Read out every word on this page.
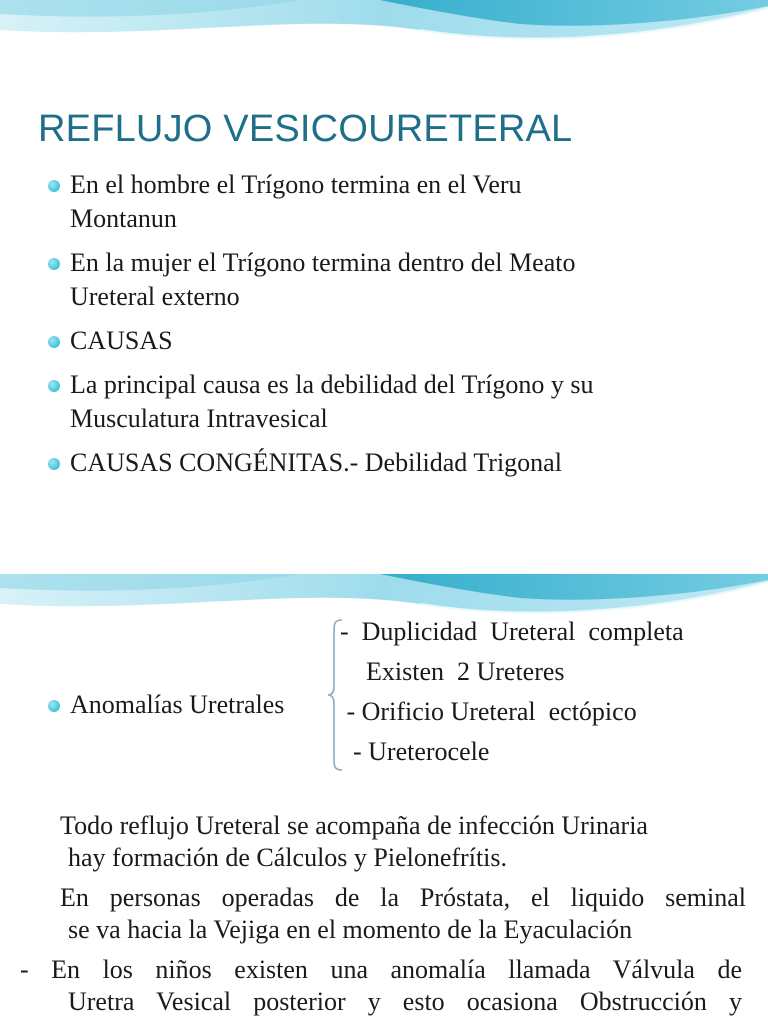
REFLUJO VESICOURETERAL
En el hombre el Trígono termina en el Veru
Montanun
En la mujer el Trígono termina dentro del Meato
Ureteral externo
CAUSAS
La principal causa es la debilidad del Trígono y su
Musculatura Intravesical
CAUSAS CONGÉNITAS.- Debilidad Trigonal
Anomalías Uretrales
-  Duplicidad  Ureteral  completa
Existen  2 Ureteres
- Orificio Ureteral  ectópico
- Ureterocele
Todo reflujo Ureteral se acompaña de infección Urinaria
hay formación de Cálculos y Pielonefrítis.
En personas operadas de la Próstata, el liquido seminal
se va hacia la Vejiga en el momento de la Eyaculación
- En los niños existen una anomalía llamada Válvula de
Uretra Vesical posterior y esto ocasiona Obstrucción y
